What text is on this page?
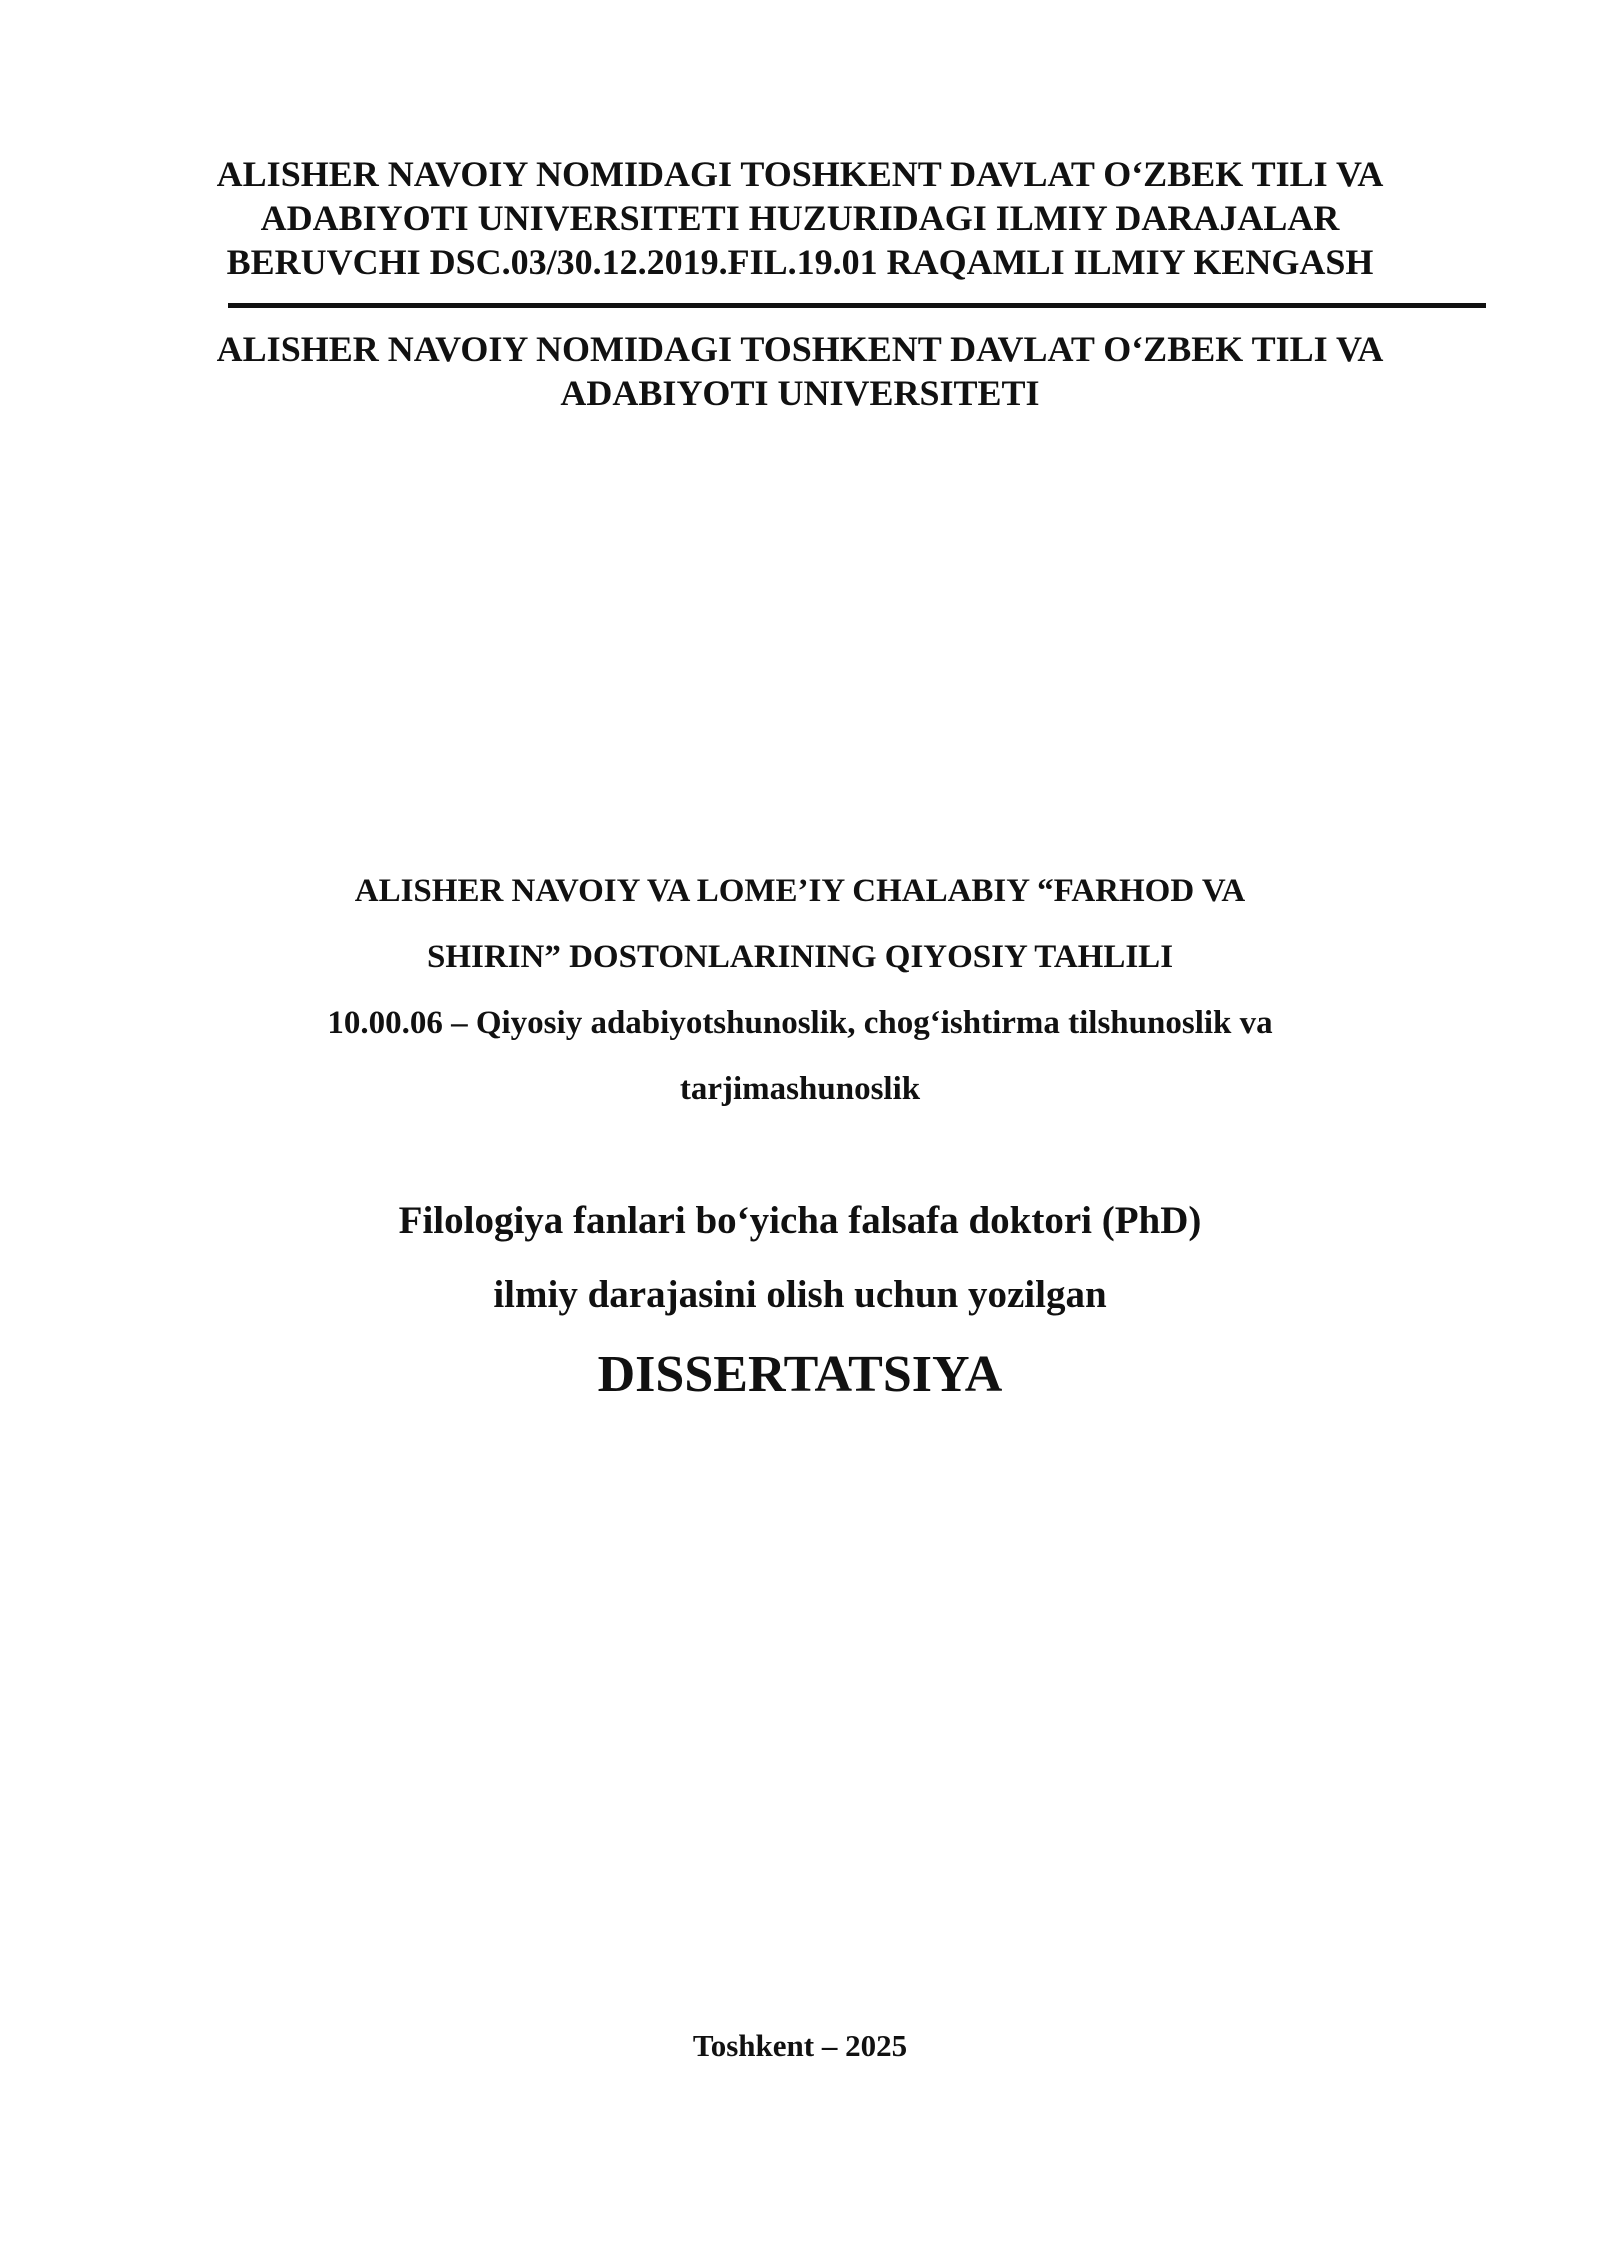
ALISHER NAVOIY NOMIDAGI TOSHKENT DAVLAT O‘ZBEK TILI VA
ADABIYOTI UNIVERSITETI HUZURIDAGI ILMIY DARAJALAR
BERUVCHI DSC.03/30.12.2019.FIL.19.01 RAQAMLI ILMIY KENGASH
ALISHER NAVOIY NOMIDAGI TOSHKENT DAVLAT O‘ZBEK TILI VA
ADABIYOTI UNIVERSITETI
ALISHER NAVOIY VA LOME’IY CHALABIY “FARHOD VA
SHIRIN” DOSTONLARINING QIYOSIY TAHLILI
10.00.06 – Qiyosiy adabiyotshunoslik, chog‘ishtirma tilshunoslik va
tarjimashunoslik
Filologiya fanlari bo‘yicha falsafa doktori (PhD)
ilmiy darajasini olish uchun yozilgan
DISSERTATSIYA
Toshkent – 2025
